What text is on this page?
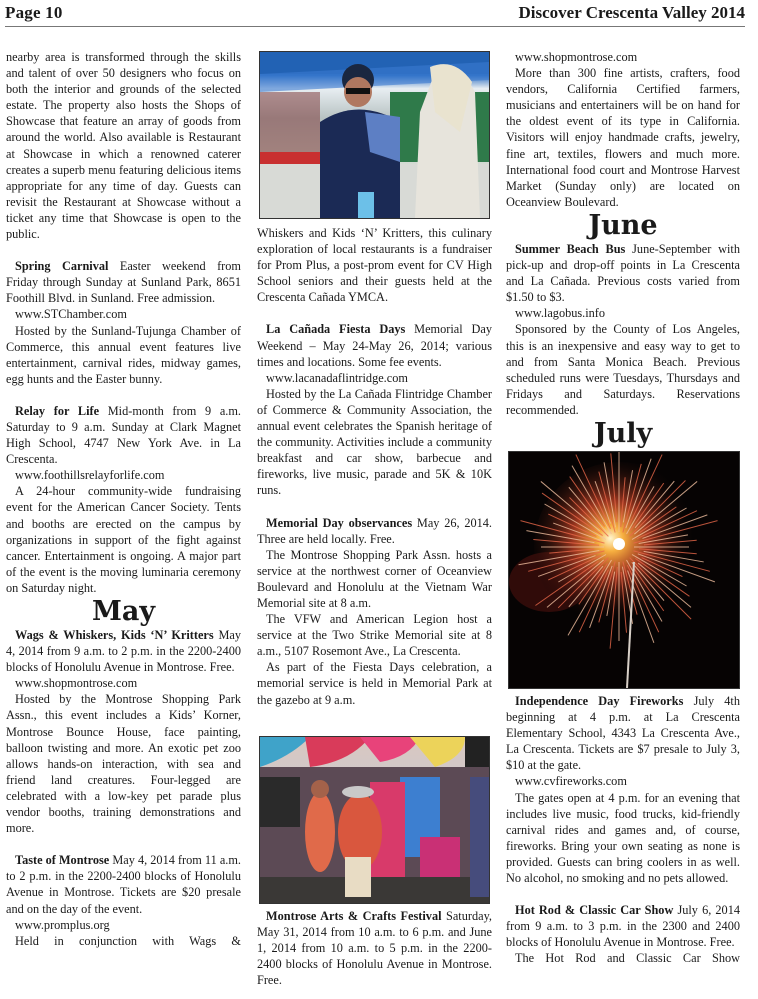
Page 10	Discover Crescenta Valley 2014

nearby area is transformed through the skills and talent of over 50 designers who focus on both the interior and grounds of the selected estate. The property also hosts the Shops of Showcase that feature an array of goods from around the world. Also available is Restaurant at Showcase in which a renowned caterer creates a superb menu featuring delicious items appropriate for any time of day. Guests can revisit the Restaurant at Showcase without a ticket any time that Showcase is open to the public.

Spring Carnival Easter weekend from Friday through Sunday at Sunland Park, 8651 Foothill Blvd. in Sunland. Free admission.

www.STChamber.com

Hosted by the Sunland-Tujunga Chamber of Commerce, this annual event features live entertainment, carnival rides, midway games, egg hunts and the Easter bunny.

Relay for Life Mid-month from 9 a.m. Saturday to 9 a.m. Sunday at Clark Magnet High School, 4747 New York Ave. in La Crescenta.

www.foothillsrelayforlife.com

A 24-hour community-wide fundraising event for the American Cancer Society. Tents and booths are erected on the campus by organizations in support of the fight against cancer. Entertainment is ongoing. A major part of the event is the moving luminaria ceremony on Saturday night.

May

Wags & Whiskers, Kids ‘N’ Kritters May 4, 2014 from 9 a.m. to 2 p.m. in the 2200-2400 blocks of Honolulu Avenue in Montrose. Free.

www.shopmontrose.com

Hosted by the Montrose Shopping Park Assn., this event includes a Kids’ Korner, Montrose Bounce House, face painting, balloon twisting and more. An exotic pet zoo allows hands-on interaction, with sea and friend land creatures. Four-legged are celebrated with a low-key pet parade plus vendor booths, training demonstrations and more.

Taste of Montrose May 4, 2014 from 11 a.m. to 2 p.m. in the 2200-2400 blocks of Honolulu Avenue in Montrose. Tickets are $20 presale and on the day of the event.

www.promplus.org

Held in conjunction with Wags &

Whiskers and Kids ‘N’ Kritters, this culinary exploration of local restaurants is a fundraiser for Prom Plus, a post-prom event for CV High School seniors and their guests held at the Crescenta Cañada YMCA.

La Cañada Fiesta Days Memorial Day Weekend – May 24-May 26, 2014; various times and locations. Some fee events.

www.lacanadaflintridge.com

Hosted by the La Cañada Flintridge Chamber of Commerce & Community Association, the annual event celebrates the Spanish heritage of the community. Activities include a community breakfast and car show, barbecue and fireworks, live music, parade and 5K & 10K runs.

Memorial Day observances May 26, 2014. Three are held locally. Free.

The Montrose Shopping Park Assn. hosts a service at the northwest corner of Oceanview Boulevard and Honolulu at the Vietnam War Memorial site at 8 a.m.

The VFW and American Legion host a service at the Two Strike Memorial site at 8 a.m., 5107 Rosemont Ave., La Crescenta.

As part of the Fiesta Days celebration, a memorial service is held in Memorial Park at the gazebo at 9 a.m.

Montrose Arts & Crafts Festival Saturday, May 31, 2014 from 10 a.m. to 6 p.m. and June 1, 2014 from 10 a.m. to 5 p.m. in the 2200-2400 blocks of Honolulu Avenue in Montrose. Free.

www.shopmontrose.com

More than 300 fine artists, crafters, food vendors, California Certified farmers, musicians and entertainers will be on hand for the oldest event of its type in California. Visitors will enjoy handmade crafts, jewelry, fine art, textiles, flowers and much more. International food court and Montrose Harvest Market (Sunday only) are located on Oceanview Boulevard.

June

Summer Beach Bus June-September with pick-up and drop-off points in La Crescenta and La Cañada. Previous costs varied from $1.50 to $3.

www.lagobus.info

Sponsored by the County of Los Angeles, this is an inexpensive and easy way to get to and from Santa Monica Beach. Previous scheduled runs were Tuesdays, Thursdays and Fridays and Saturdays. Reservations recommended.

July

Independence Day Fireworks July 4th beginning at 4 p.m. at La Crescenta Elementary School, 4343 La Crescenta Ave., La Crescenta. Tickets are $7 presale to July 3, $10 at the gate.

www.cvfireworks.com

The gates open at 4 p.m. for an evening that includes live music, food trucks, kid-friendly carnival rides and games and, of course, fireworks. Bring your own seating as none is provided. Guests can bring coolers in as well. No alcohol, no smoking and no pets allowed.

Hot Rod & Classic Car Show July 6, 2014 from 9 a.m. to 3 p.m. in the 2300 and 2400 blocks of Honolulu Avenue in Montrose. Free.

The Hot Rod and Classic Car Show
